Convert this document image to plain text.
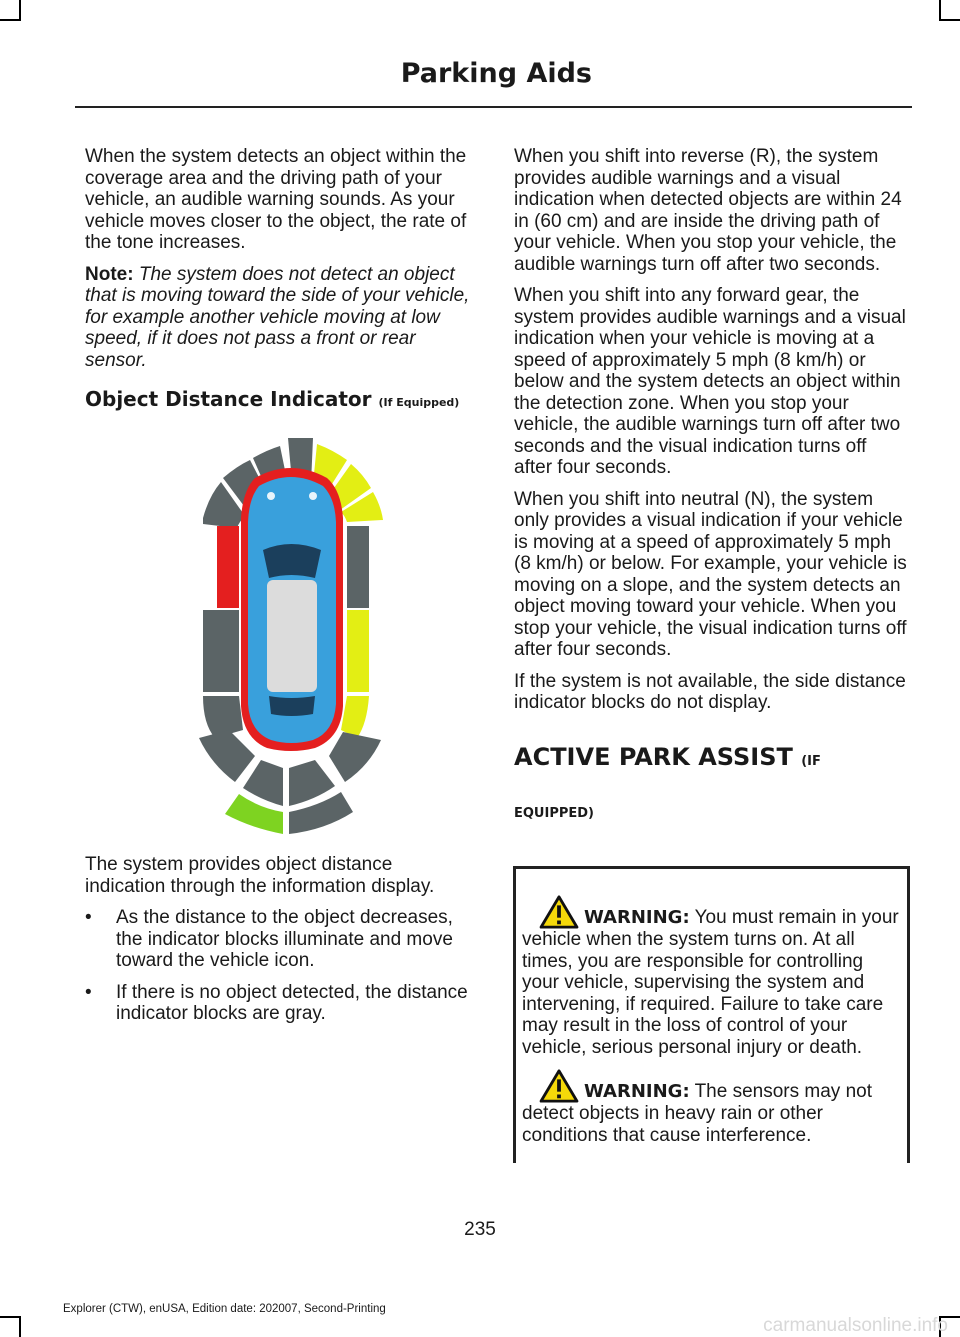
Parking Aids

When the system detects an object within the coverage area and the driving path of your vehicle, an audible warning sounds. As your vehicle moves closer to the object, the rate of the tone increases.

Note: The system does not detect an object that is moving toward the side of your vehicle, for example another vehicle moving at low speed, if it does not pass a front or rear sensor.

Object Distance Indicator (If Equipped)

The system provides object distance indication through the information display.

• As the distance to the object decreases, the indicator blocks illuminate and move toward the vehicle icon.
• If there is no object detected, the distance indicator blocks are gray.

When you shift into reverse (R), the system provides audible warnings and a visual indication when detected objects are within 24 in (60 cm) and are inside the driving path of your vehicle. When you stop your vehicle, the audible warnings turn off after two seconds.

When you shift into any forward gear, the system provides audible warnings and a visual indication when your vehicle is moving at a speed of approximately 5 mph (8 km/h) or below and the system detects an object within the detection zone. When you stop your vehicle, the audible warnings turn off after two seconds and the visual indication turns off after four seconds.

When you shift into neutral (N), the system only provides a visual indication if your vehicle is moving at a speed of approximately 5 mph (8 km/h) or below. For example, your vehicle is moving on a slope, and the system detects an object moving toward your vehicle. When you stop your vehicle, the visual indication turns off after four seconds.

If the system is not available, the side distance indicator blocks do not display.

ACTIVE PARK ASSIST (IF
EQUIPPED)
WARNING: You must remain in your vehicle when the system turns on. At all times, you are responsible for controlling your vehicle, supervising the system and intervening, if required. Failure to take care may result in the loss of control of your vehicle, serious personal injury or death.
WARNING: The sensors may not detect objects in heavy rain or other conditions that cause interference.
235
Explorer (CTW), enUSA, Edition date: 202007, Second-Printing
carmanualsonline.info
